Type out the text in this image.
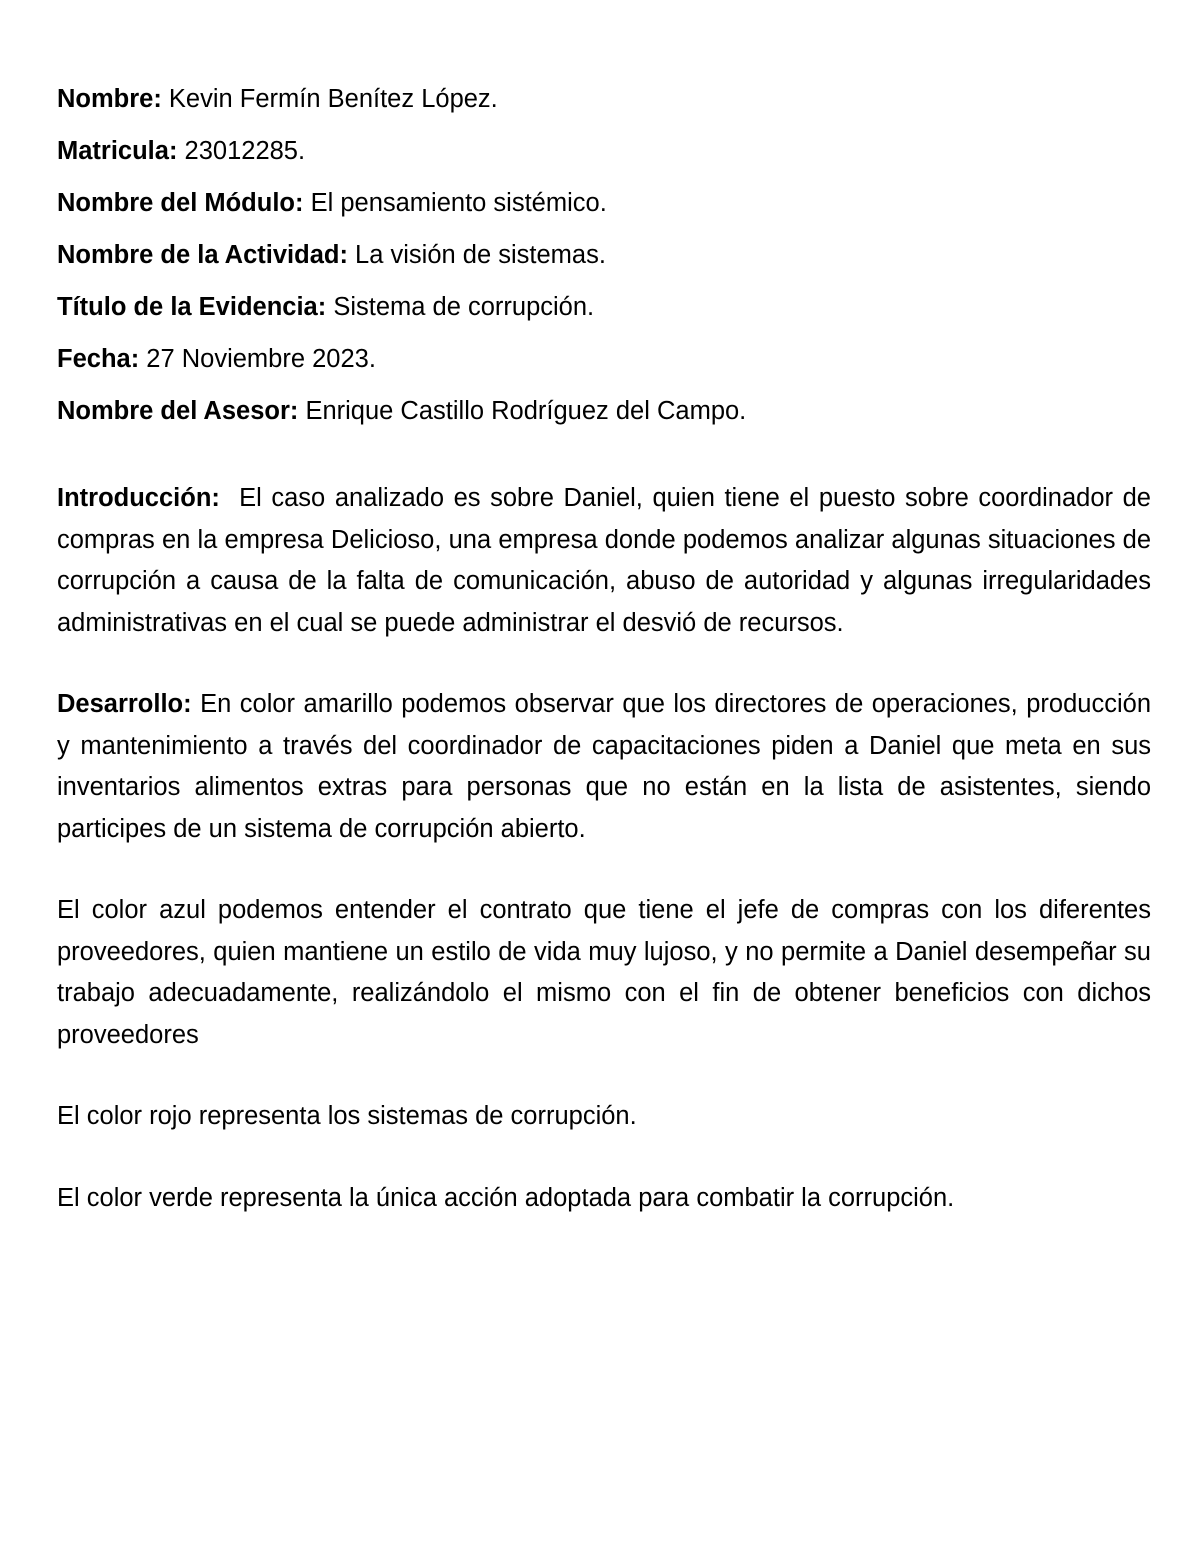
Nombre: Kevin Fermín Benítez López.
Matricula: 23012285.
Nombre del Módulo: El pensamiento sistémico.
Nombre de la Actividad: La visión de sistemas.
Título de la Evidencia: Sistema de corrupción.
Fecha: 27 Noviembre 2023.
Nombre del Asesor: Enrique Castillo Rodríguez del Campo.

Introducción:  El caso analizado es sobre Daniel, quien tiene el puesto sobre coordinador de compras en la empresa Delicioso, una empresa donde podemos analizar algunas situaciones de corrupción a causa de la falta de comunicación, abuso de autoridad y algunas irregularidades administrativas en el cual se puede administrar el desvió de recursos.

Desarrollo: En color amarillo podemos observar que los directores de operaciones, producción y mantenimiento a través del coordinador de capacitaciones piden a Daniel que meta en sus inventarios alimentos extras para personas que no están en la lista de asistentes, siendo participes de un sistema de corrupción abierto.

El color azul podemos entender el contrato que tiene el jefe de compras con los diferentes proveedores, quien mantiene un estilo de vida muy lujoso, y no permite a Daniel desempeñar su trabajo adecuadamente, realizándolo el mismo con el fin de obtener beneficios con dichos proveedores

El color rojo representa los sistemas de corrupción.

El color verde representa la única acción adoptada para combatir la corrupción.
